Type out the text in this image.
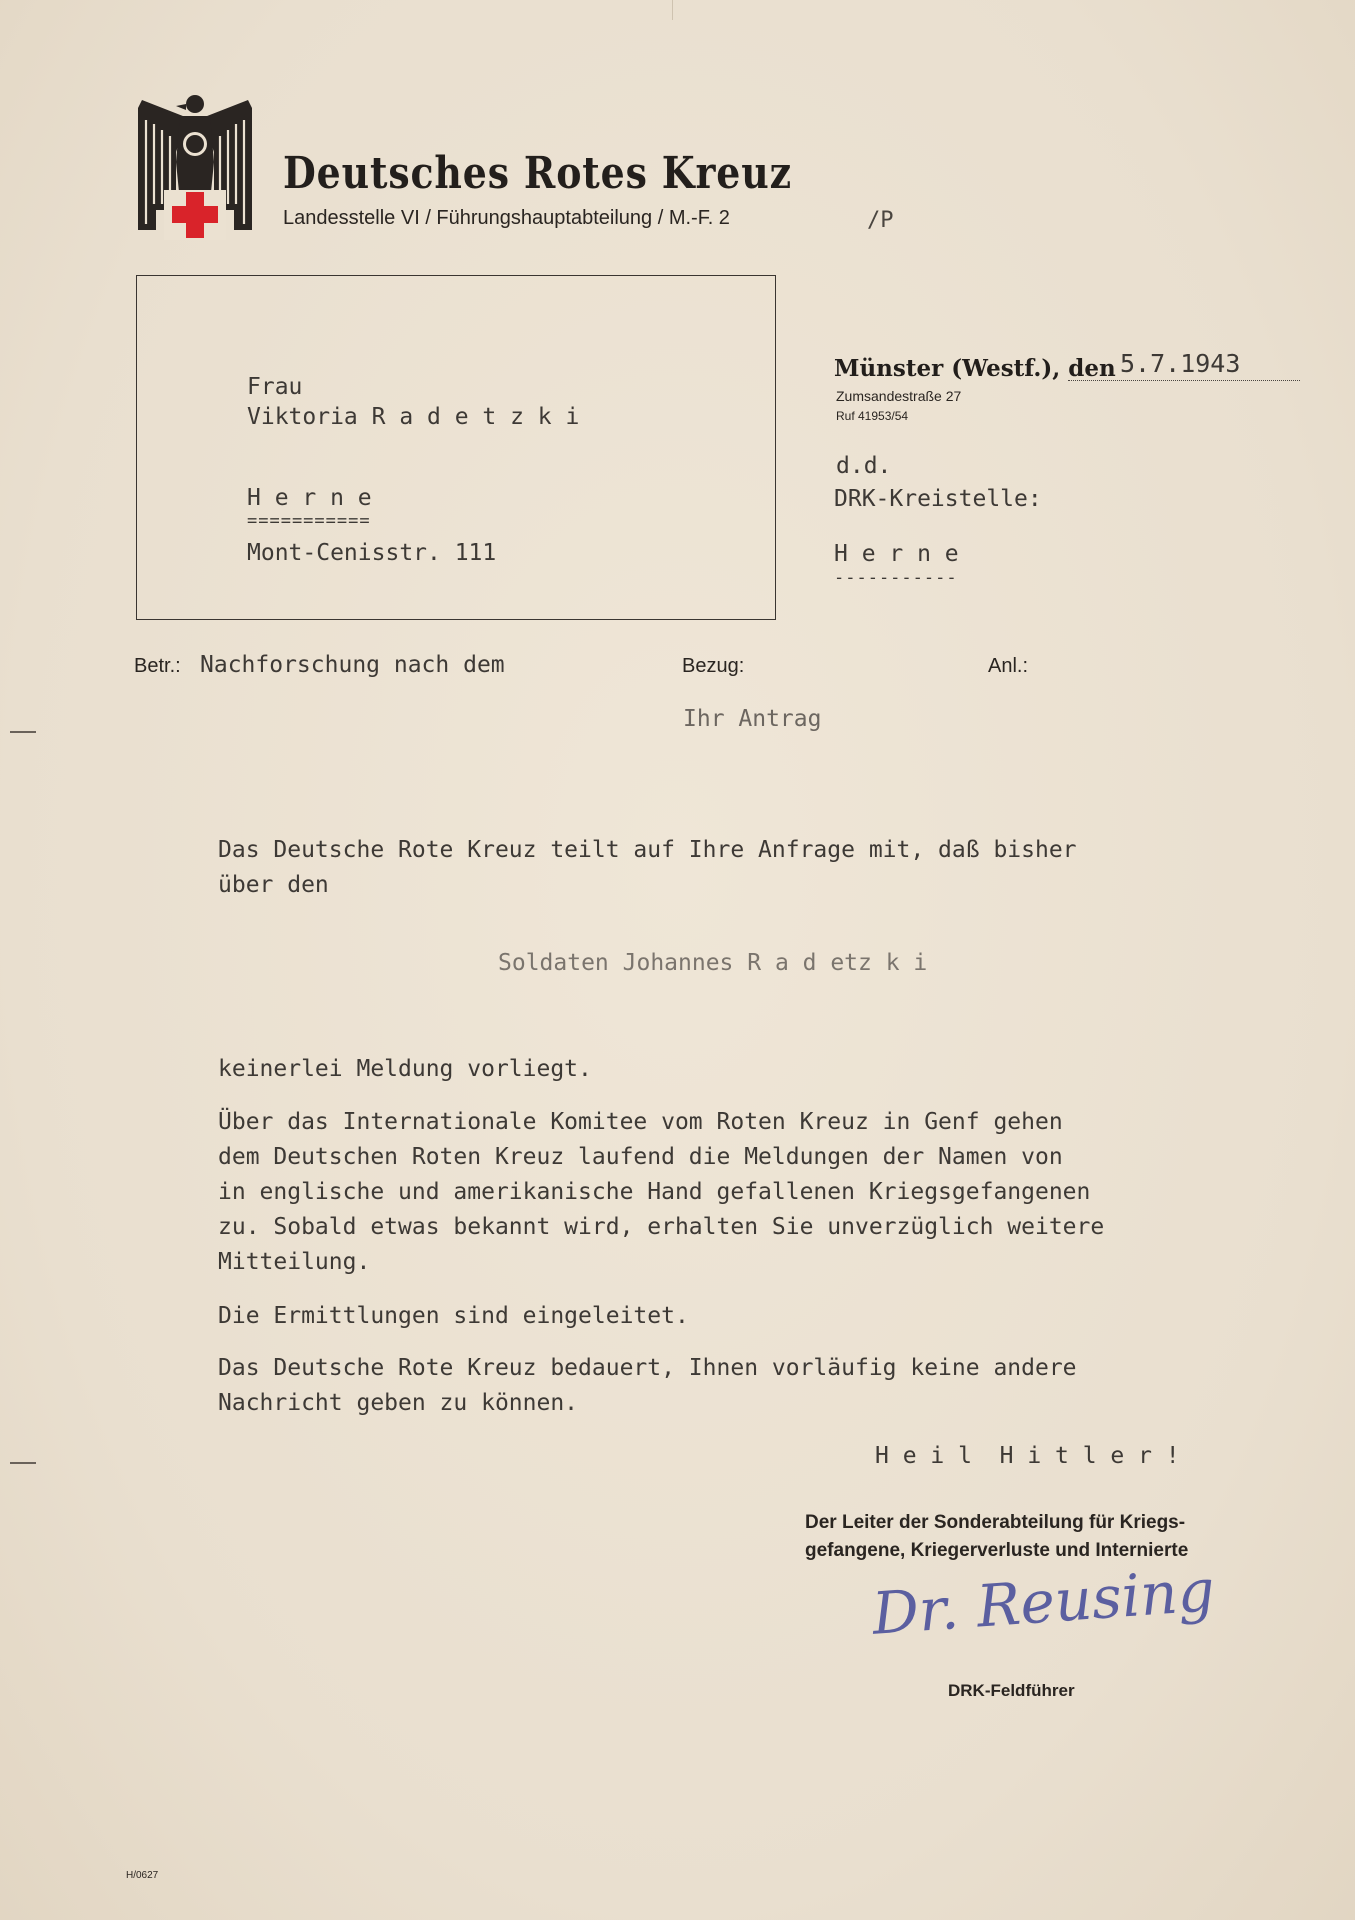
Deutsches Rotes Kreuz
Landesstelle VI / Führungshauptabteilung / M.-F. 2	/P
Frau
Viktoria R a d e t z k i
H e r n e
===========
Mont-Cenisstr. 111
Münster (Westf.), den 5.7.1943
Zumsandestraße 27
Ruf 41953/54
d.d.
DRK-Kreistelle:
H e r n e
-----------
Betr.: Nachforschung nach dem	Bezug:
Ihr Antrag
Anl.:
Das Deutsche Rote Kreuz teilt auf Ihre Anfrage mit, daß bisher
über den
Soldaten Johannes R a d etz k i
keinerlei Meldung vorliegt.
Über das Internationale Komitee vom Roten Kreuz in Genf gehen
dem Deutschen Roten Kreuz laufend die Meldungen der Namen von
in englische und amerikanische Hand gefallenen Kriegsgefangenen
zu. Sobald etwas bekannt wird, erhalten Sie unverzüglich weitere
Mitteilung.
Die Ermittlungen sind eingeleitet.
Das Deutsche Rote Kreuz bedauert, Ihnen vorläufig keine andere
Nachricht geben zu können.
H e i l  H i t l e r !
Der Leiter der Sonderabteilung für Kriegs-
gefangene, Kriegerverluste und Internierte
Dr. Reusing
DRK-Feldführer
H/0627
